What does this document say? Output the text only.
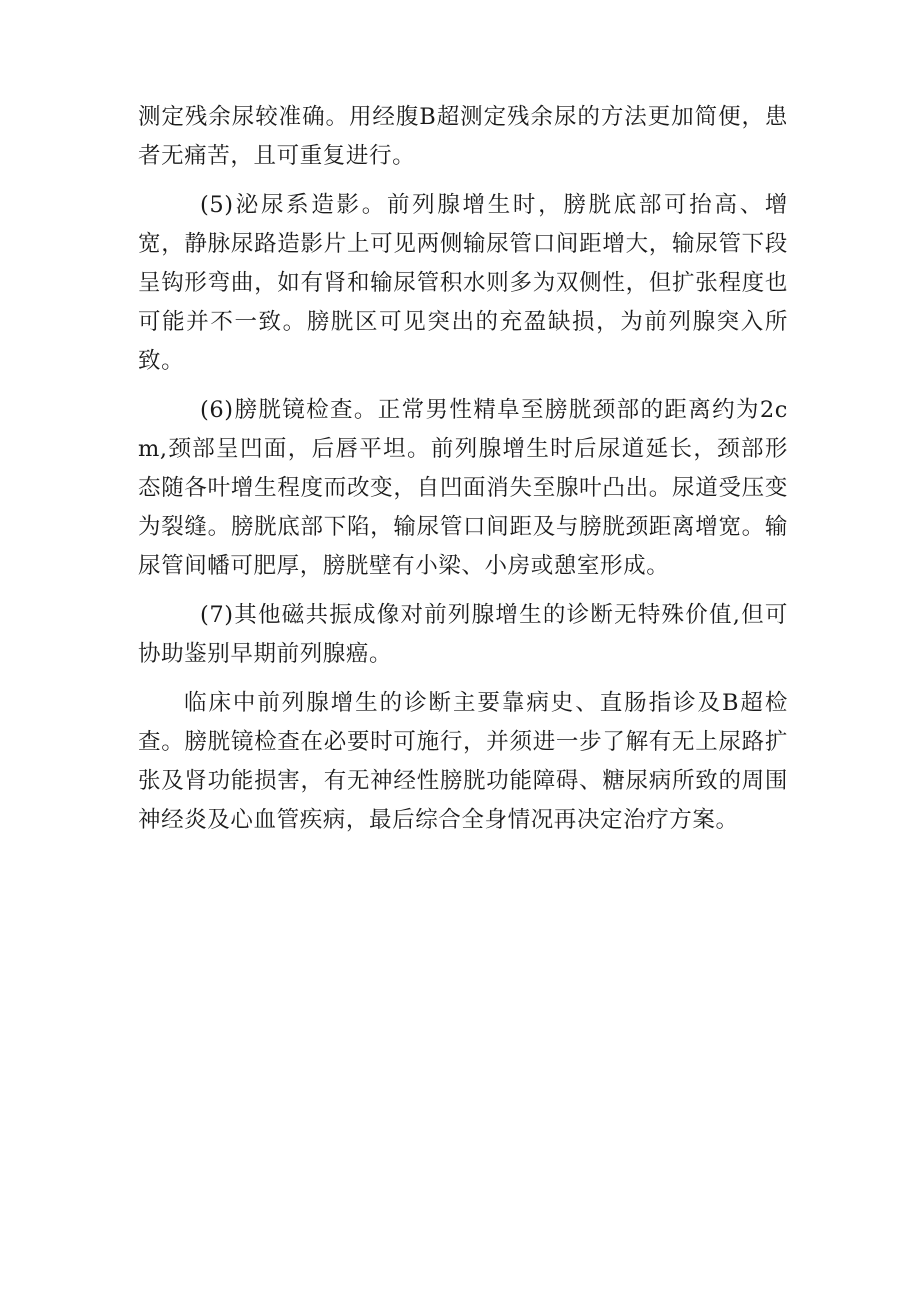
测定残余尿较准确。用经腹B超测定残余尿的方法更加简便，患者无痛苦，且可重复进行。

(5)泌尿系造影。前列腺增生时，膀胱底部可抬高、增宽，静脉尿路造影片上可见两侧输尿管口间距增大，输尿管下段呈钩形弯曲，如有肾和输尿管积水则多为双侧性，但扩张程度也可能并不一致。膀胱区可见突出的充盈缺损，为前列腺突入所致。

(6)膀胱镜检查。正常男性精阜至膀胱颈部的距离约为2cm,颈部呈凹面，后唇平坦。前列腺增生时后尿道延长，颈部形态随各叶增生程度而改变，自凹面消失至腺叶凸出。尿道受压变为裂缝。膀胱底部下陷，输尿管口间距及与膀胱颈距离增宽。输尿管间幡可肥厚，膀胱壁有小梁、小房或憩室形成。

(7)其他磁共振成像对前列腺增生的诊断无特殊价值,但可协助鉴别早期前列腺癌。

临床中前列腺增生的诊断主要靠病史、直肠指诊及B超检查。膀胱镜检查在必要时可施行，并须进一步了解有无上尿路扩张及肾功能损害，有无神经性膀胱功能障碍、糖尿病所致的周围神经炎及心血管疾病，最后综合全身情况再决定治疗方案。
